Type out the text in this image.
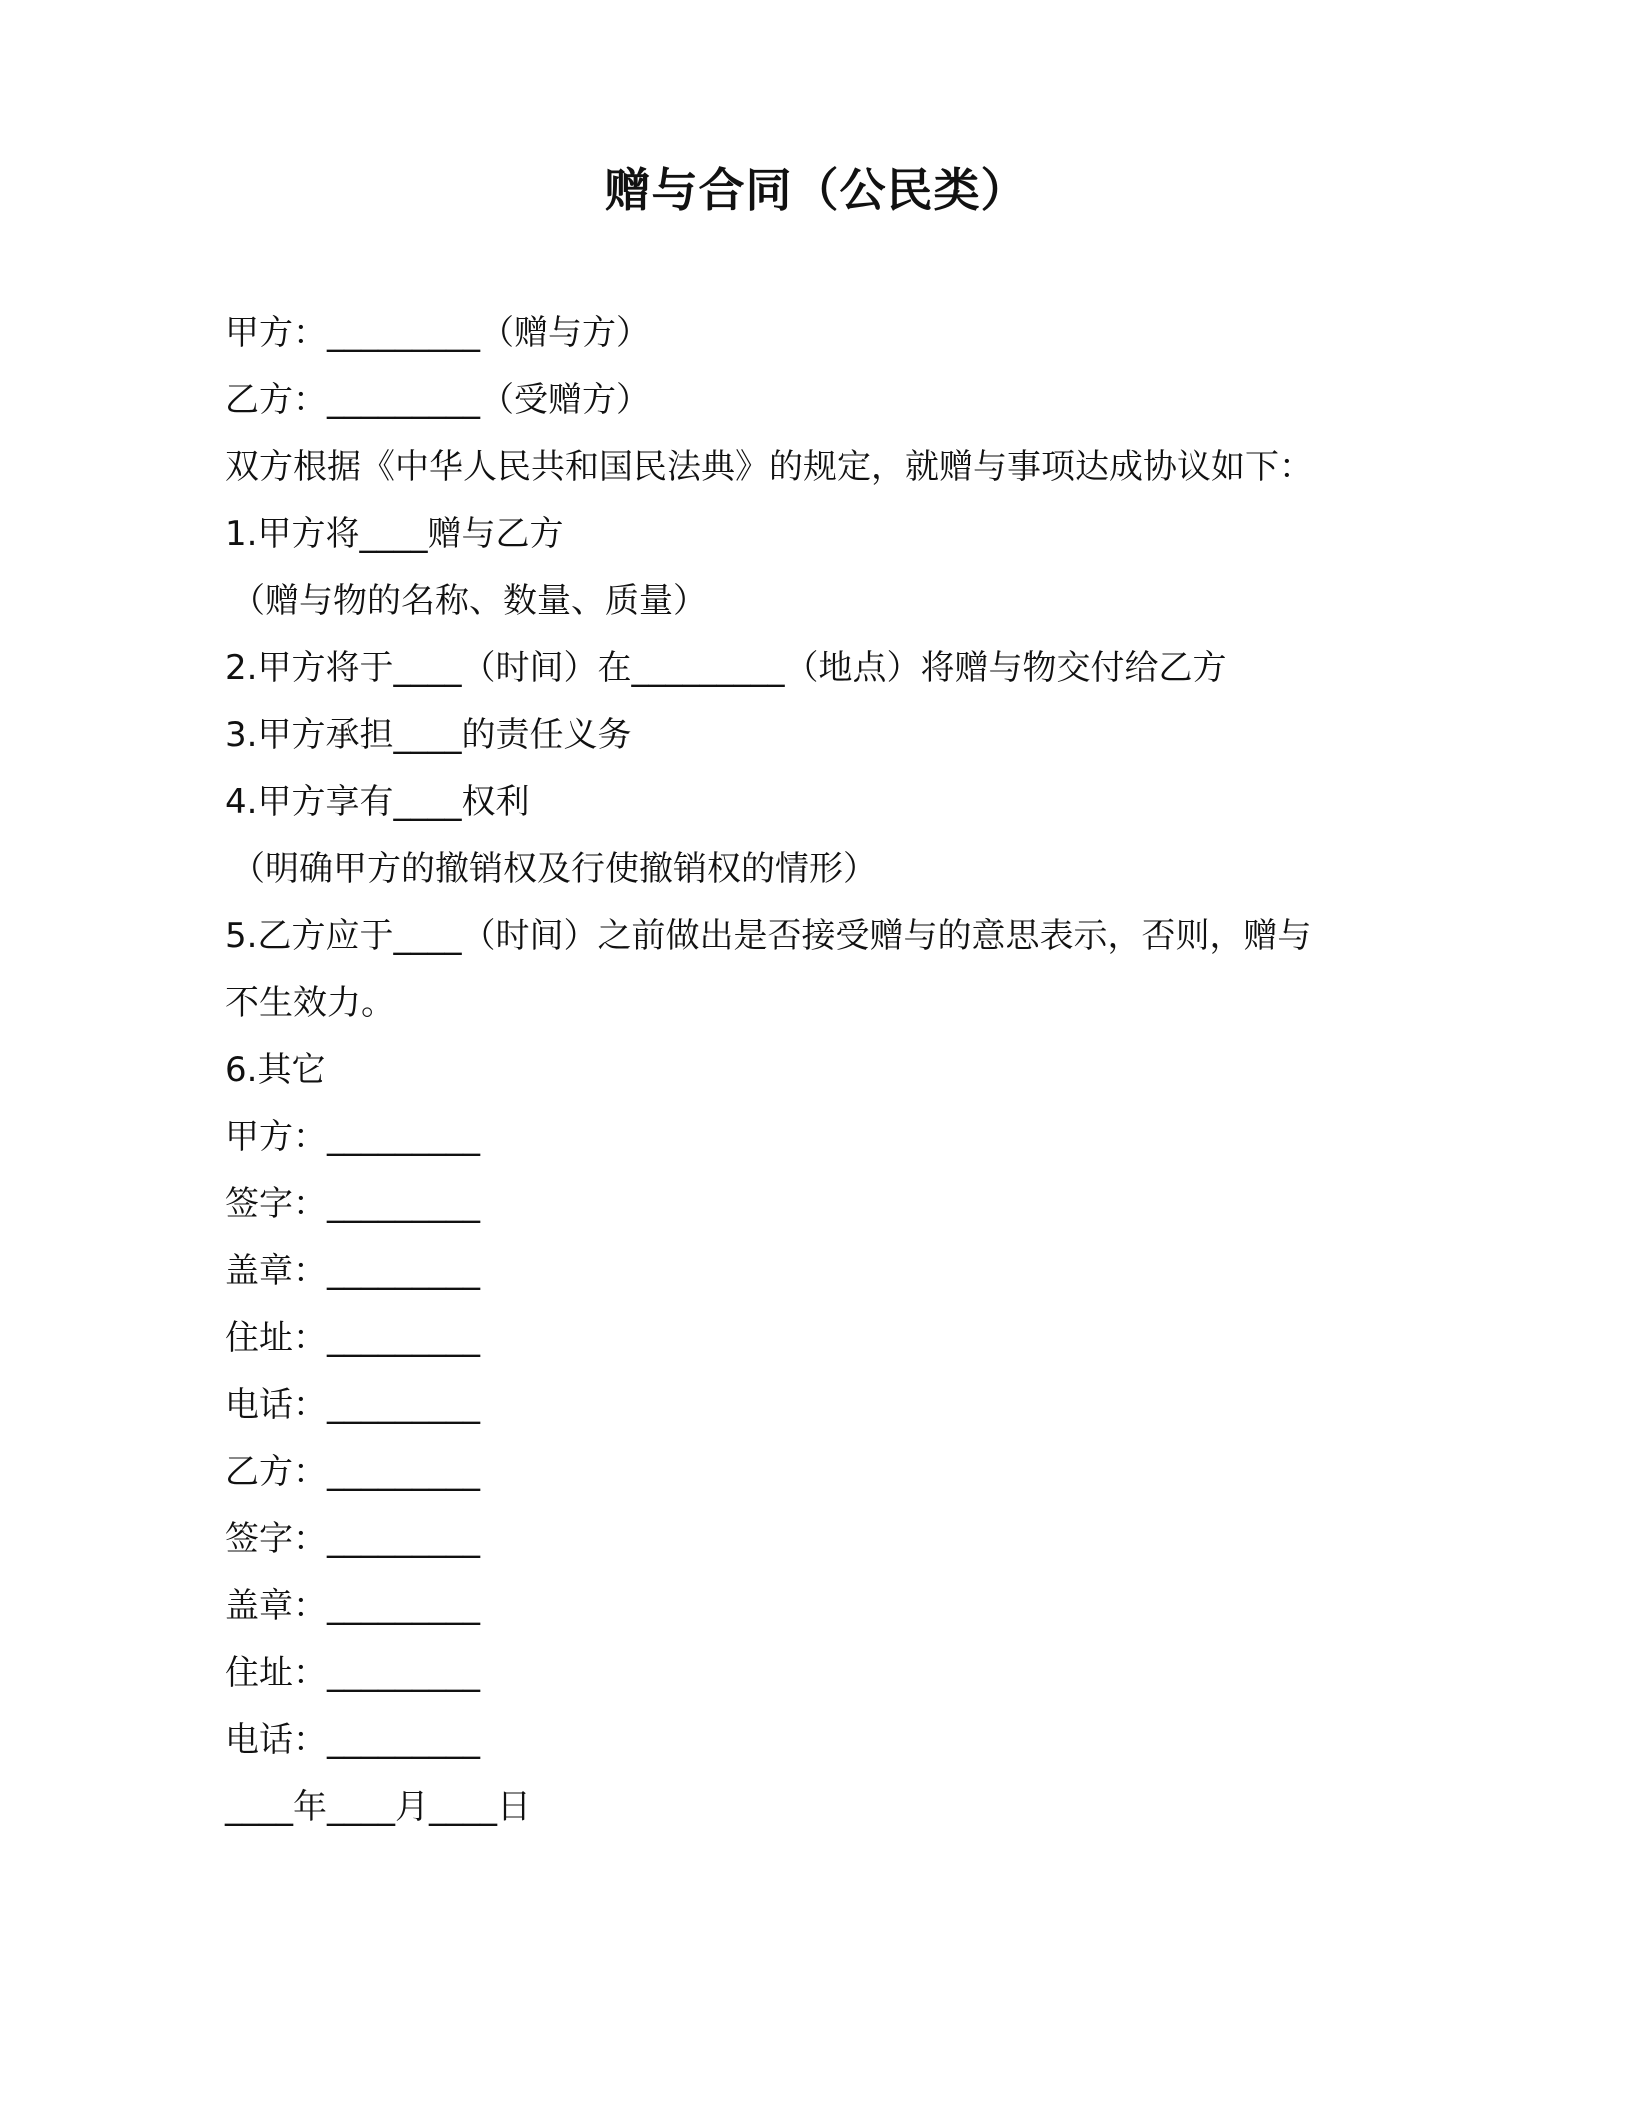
赠与合同（公民类）
甲方：_________（赠与方）
乙方：_________（受赠方）
双方根据《中华人民共和国民法典》的规定，就赠与事项达成协议如下：
1.甲方将____赠与乙方
（赠与物的名称、数量、质量）
2.甲方将于____（时间）在_________（地点）将赠与物交付给乙方
3.甲方承担____的责任义务
4.甲方享有____权利
（明确甲方的撤销权及行使撤销权的情形）
5.乙方应于____（时间）之前做出是否接受赠与的意思表示，否则，赠与
不生效力。
6.其它
甲方：_________
签字：_________
盖章：_________
住址：_________
电话：_________
乙方：_________
签字：_________
盖章：_________
住址：_________
电话：_________
____年____月____日
